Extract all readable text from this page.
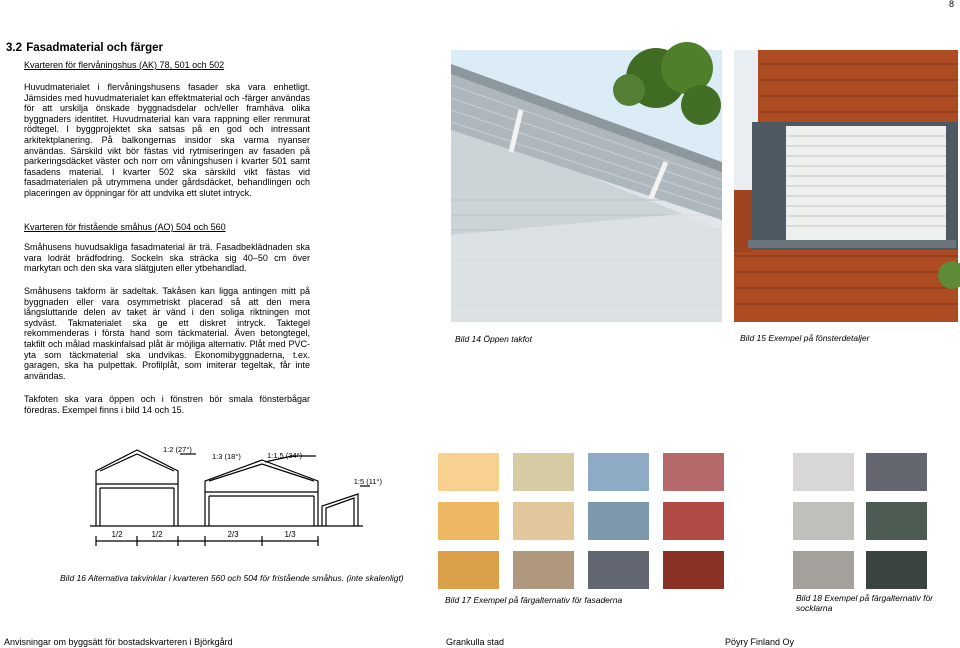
8
3.2 Fasadmaterial och färger
Kvarteren för flervåningshus (AK) 78, 501 och 502
Huvudmaterialet i flervåningshusens fasader ska vara enhetligt. Jämsides med huvudmaterialet kan effektmaterial och -färger användas för att urskilja önskade byggnadsdelar och/eller framhäva olika byggnaders identitet. Huvudmaterial kan vara rappning eller renmurat rödtegel. I byggprojektet ska satsas på en god och intressant arkitektplanering. På balkongernas insidor ska varma nyanser användas. Särskild vikt bör fästas vid rytmiseringen av fasaden på parkeringsdäcket väster och norr om våningshusen i kvarter 501 samt fasadens material. I kvarter 502 ska särskild vikt fästas vid fasadmaterialen på utrymmena under gårdsdäcket, behandlingen och placeringen av öppningar för att undvika ett slutet intryck.
Kvarteren för fristående småhus (AO) 504 och 560
Småhusens huvudsakliga fasadmaterial är trä. Fasadbeklädnaden ska vara lodrät brädfodring. Sockeln ska sträcka sig 40–50 cm över markytan och den ska vara slätgjuten eller ytbehandlad.
Småhusens takform är sadeltak. Takåsen kan ligga antingen mitt på byggnaden eller vara osymmetriskt placerad så att den mera långsluttande delen av taket är vänd i den soliga riktningen mot sydväst. Takmaterialet ska ge ett diskret intryck. Taktegel rekommenderas i första hand som täckmaterial. Även betongtegel, takfilt och målad maskinfalsad plåt är möjliga alternativ. Plåt med PVC-yta som täckmaterial ska undvikas. Ekonomibyggnaderna, t.ex. garagen, ska ha pulpettak. Profilplåt, som imiterar tegeltak, får inte användas.
Takfoten ska vara öppen och i fönstren bör smala fönsterbågar föredras. Exempel finns i bild 14 och 15.
Bild 14 Öppen takfot	Bild 15 Exempel på fönsterdetaljer
1:2 (27°)
1:3 (18°)	1:1,5 (34°)
1:5 (11°)
1/2	1/2	2/3	1/3
Bild 16 Alternativa takvinklar i kvarteren 560 och 504 för fristående småhus. (inte skalenligt)
Bild 17 Exempel på färgalternativ för fasaderna	Bild 18 Exempel på färgalternativ för socklarna
Anvisningar om byggsätt för bostadskvarteren i Björkgård	Grankulla stad	Pöyry Finland Oy
